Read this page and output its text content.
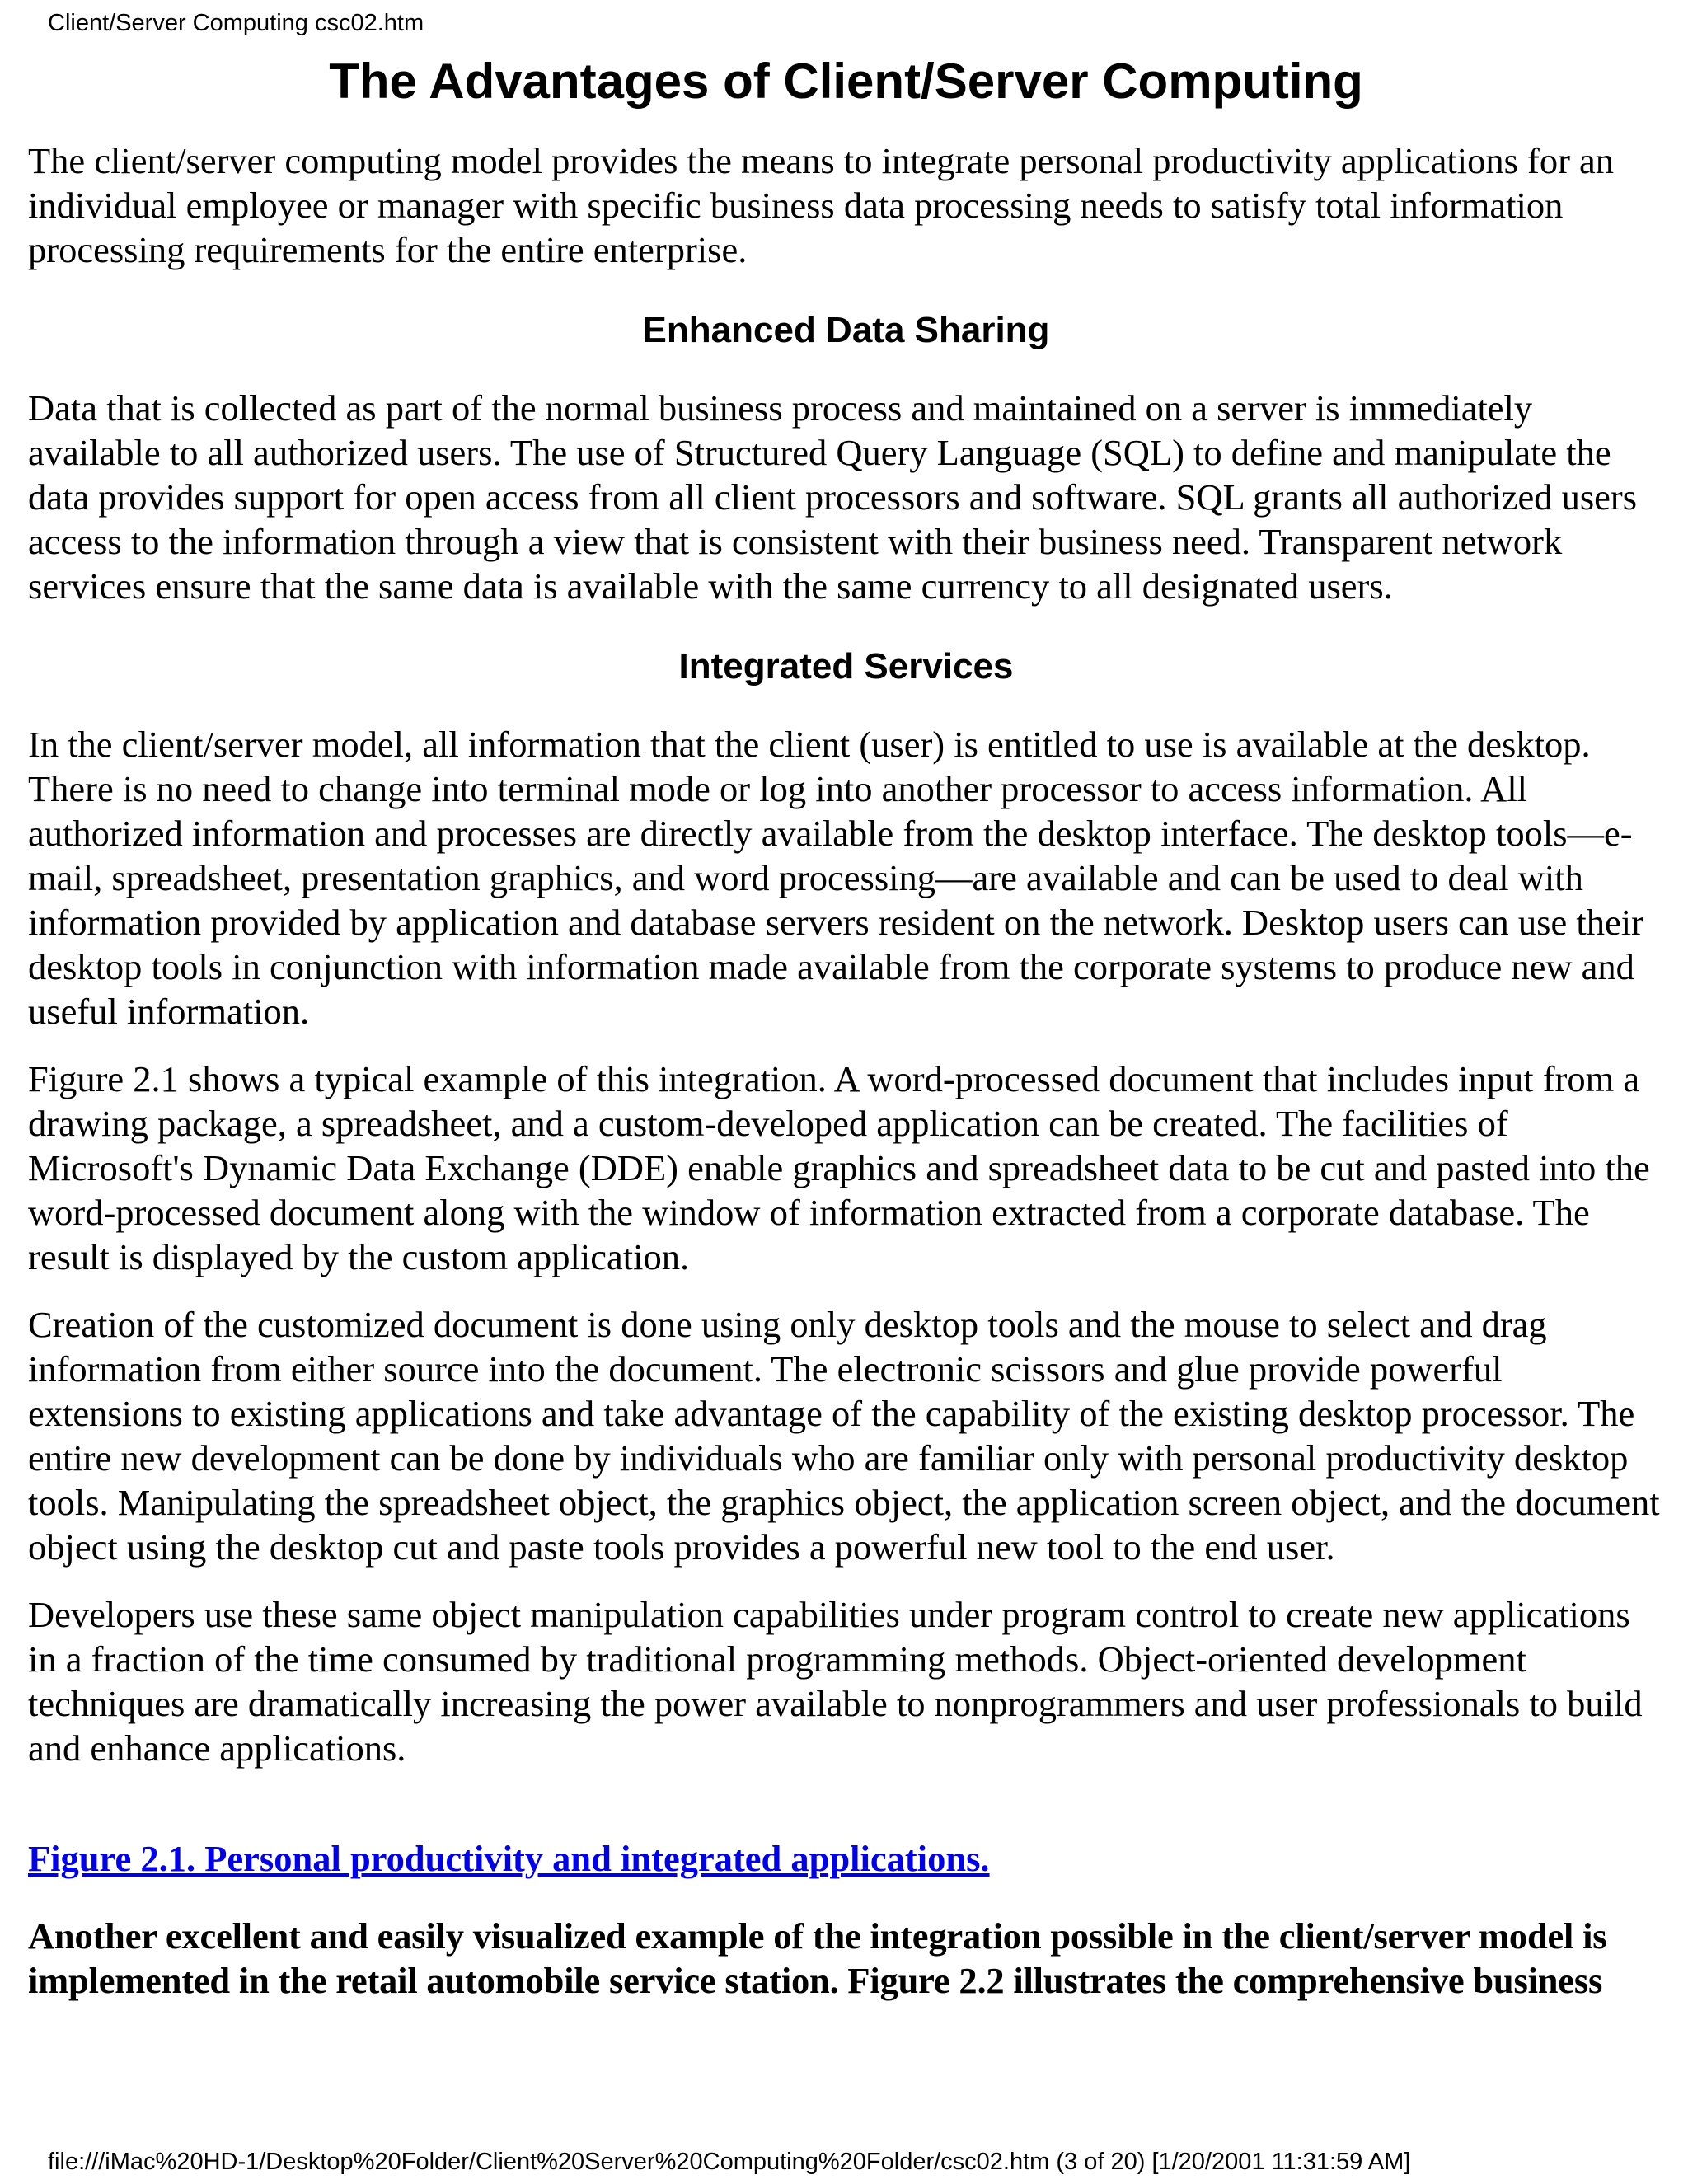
Client/Server Computing csc02.htm
The Advantages of Client/Server Computing

The client/server computing model provides the means to integrate personal productivity applications for an individual employee or manager with specific business data processing needs to satisfy total information processing requirements for the entire enterprise.

Enhanced Data Sharing

Data that is collected as part of the normal business process and maintained on a server is immediately available to all authorized users. The use of Structured Query Language (SQL) to define and manipulate the data provides support for open access from all client processors and software. SQL grants all authorized users access to the information through a view that is consistent with their business need. Transparent network services ensure that the same data is available with the same currency to all designated users.

Integrated Services

In the client/server model, all information that the client (user) is entitled to use is available at the desktop. There is no need to change into terminal mode or log into another processor to access information. All authorized information and processes are directly available from the desktop interface. The desktop tools—e-mail, spreadsheet, presentation graphics, and word processing—are available and can be used to deal with information provided by application and database servers resident on the network. Desktop users can use their desktop tools in conjunction with information made available from the corporate systems to produce new and useful information.

Figure 2.1 shows a typical example of this integration. A word-processed document that includes input from a drawing package, a spreadsheet, and a custom-developed application can be created. The facilities of Microsoft's Dynamic Data Exchange (DDE) enable graphics and spreadsheet data to be cut and pasted into the word-processed document along with the window of information extracted from a corporate database. The result is displayed by the custom application.

Creation of the customized document is done using only desktop tools and the mouse to select and drag information from either source into the document. The electronic scissors and glue provide powerful extensions to existing applications and take advantage of the capability of the existing desktop processor. The entire new development can be done by individuals who are familiar only with personal productivity desktop tools. Manipulating the spreadsheet object, the graphics object, the application screen object, and the document object using the desktop cut and paste tools provides a powerful new tool to the end user.

Developers use these same object manipulation capabilities under program control to create new applications in a fraction of the time consumed by traditional programming methods. Object-oriented development techniques are dramatically increasing the power available to nonprogrammers and user professionals to build and enhance applications.

Figure 2.1. Personal productivity and integrated applications.

Another excellent and easily visualized example of the integration possible in the client/server model is implemented in the retail automobile service station. Figure 2.2 illustrates the comprehensive business

file:///iMac%20HD-1/Desktop%20Folder/Client%20Server%20Computing%20Folder/csc02.htm (3 of 20) [1/20/2001 11:31:59 AM]
